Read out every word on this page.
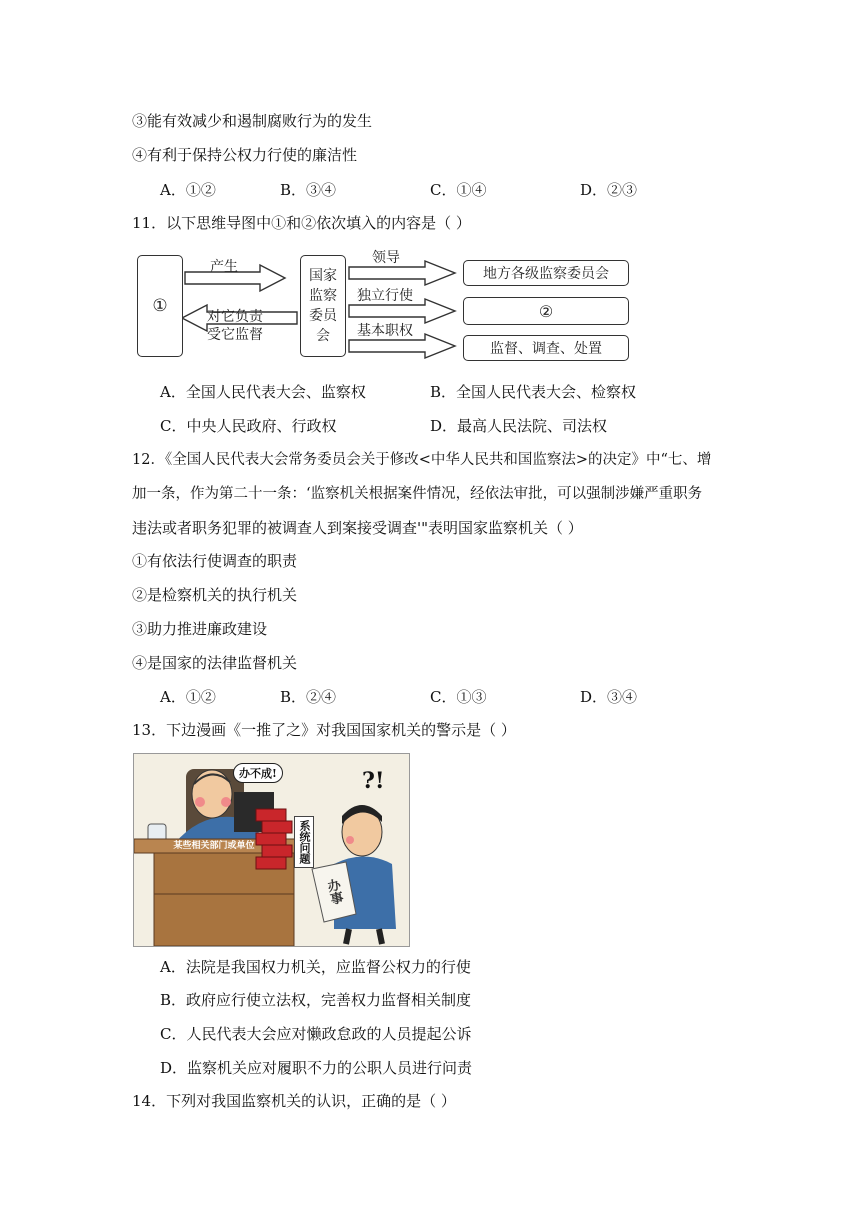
③能有效减少和遏制腐败行为的发生
④有利于保持公权力行使的廉洁性
A．①②	B．③④	C．①④	D．②③
11．以下思维导图中①和②依次填入的内容是（ ）
①
产生
对它负责
受它监督
国家
监察
委员
会
领导
独立行使
基本职权
地方各级监察委员会
②
监督、调查、处置
A．全国人民代表大会、监察权	B．全国人民代表大会、检察权
C．中央人民政府、行政权	D．最高人民法院、司法权
12．《全国人民代表大会常务委员会关于修改<中华人民共和国监察法>的决定》中“七、增
加一条，作为第二十一条：‘监察机关根据案件情况，经依法审批，可以强制涉嫌严重职务
违法或者职务犯罪的被调查人到案接受调查'"表明国家监察机关（ ）
①有依法行使调查的职责
②是检察机关的执行机关
③助力推进廉政建设
④是国家的法律监督机关
A．①②	B．②④	C．①③	D．③④
13．下边漫画《一推了之》对我国国家机关的警示是（ ）
办不成!
某些相关部门或单位	系统问题
办事
?!
A．法院是我国权力机关，应监督公权力的行使
B．政府应行使立法权，完善权力监督相关制度
C．人民代表大会应对懒政怠政的人员提起公诉
D．监察机关应对履职不力的公职人员进行问责
14．下列对我国监察机关的认识，正确的是（ ）
